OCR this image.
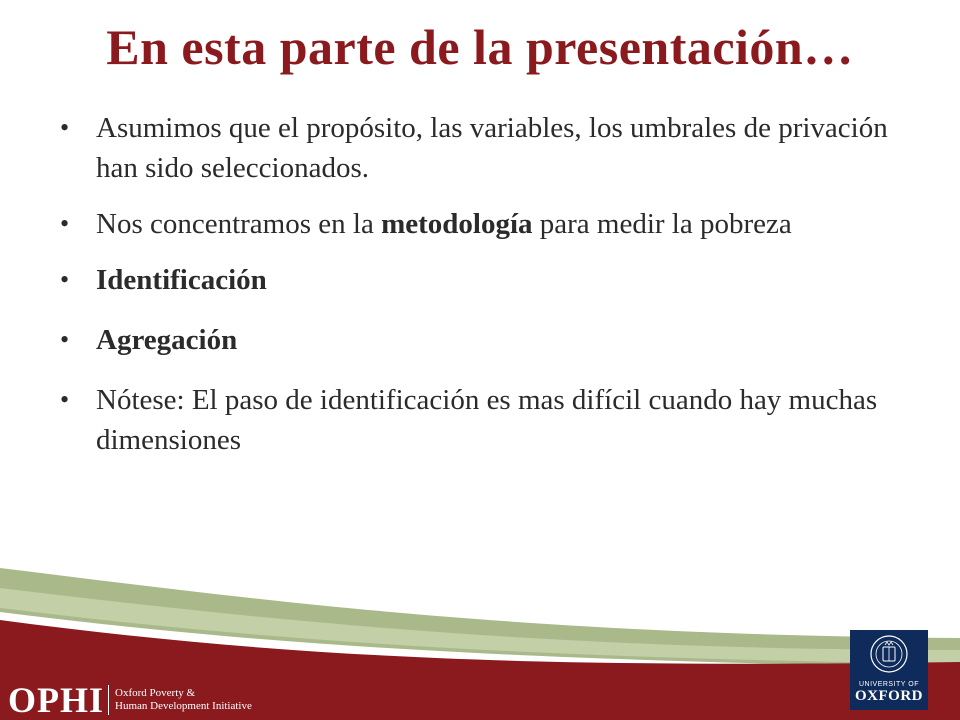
En esta parte de la presentación…
• Asumimos que el propósito, las variables, los umbrales de privación han sido seleccionados.
• Nos concentramos en la metodología para medir la pobreza
• Identificación
• Agregación
• Nótese: El paso de identificación es mas difícil cuando hay muchas dimensiones
OPHI Oxford Poverty &
Human Development Initiative
UNIVERSITY OF
OXFORD
